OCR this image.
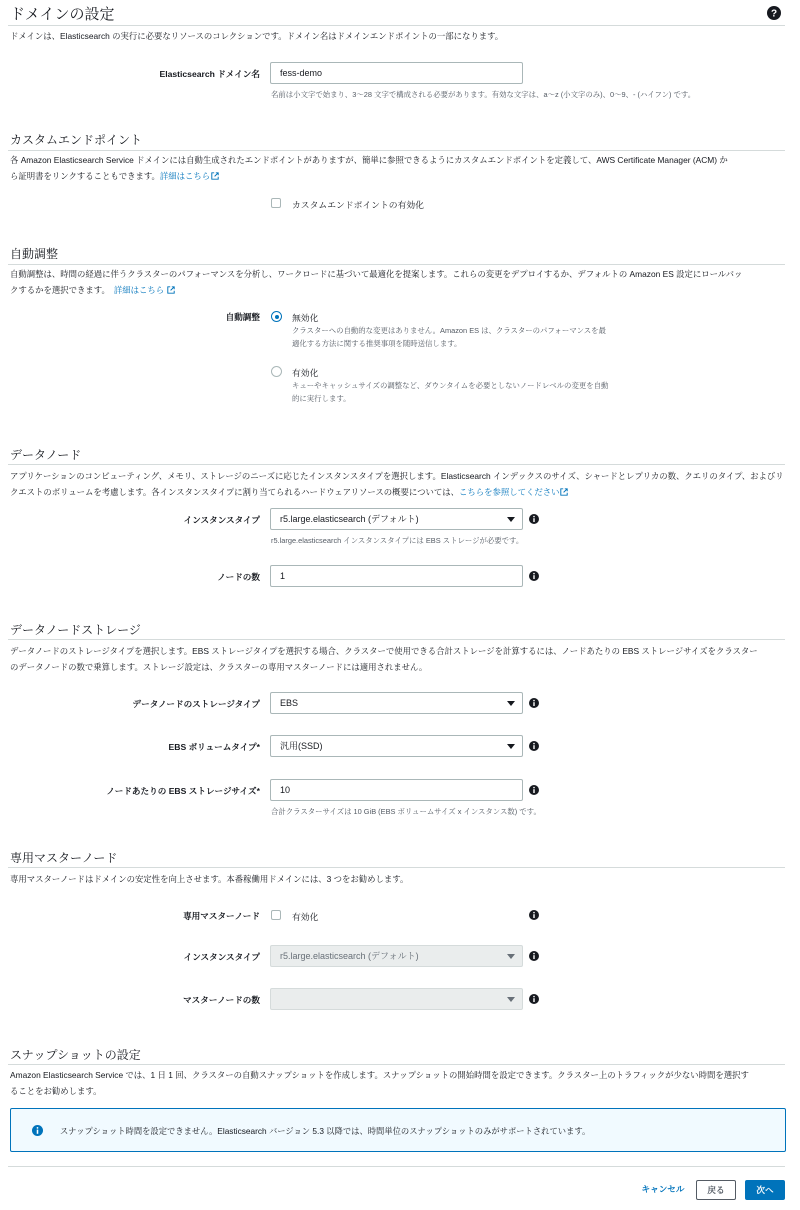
ドメインの設定	?
ドメインは、Elasticsearch の実行に必要なリソースのコレクションです。ドメイン名はドメインエンドポイントの一部になります。
Elasticsearch ドメイン名	fess-demo
名前は小文字で始まり、3～28 文字で構成される必要があります。有効な文字は、a～z (小文字のみ)、0～9、- (ハイフン) です。
カスタムエンドポイント
各 Amazon Elasticsearch Service ドメインには自動生成されたエンドポイントがありますが、簡単に参照できるようにカスタムエンドポイントを定義して、AWS Certificate Manager (ACM) か
ら証明書をリンクすることもできます。詳細はこちら
カスタムエンドポイントの有効化
自動調整
自動調整は、時間の経過に伴うクラスターのパフォーマンスを分析し、ワークロードに基づいて最適化を提案します。これらの変更をデプロイするか、デフォルトの Amazon ES 設定にロールバッ
クするかを選択できます。 詳細はこちら
自動調整	無効化
クラスターへの自動的な変更はありません。Amazon ES は、クラスターのパフォーマンスを最
適化する方法に関する推奨事項を随時送信します。
有効化
キューやキャッシュサイズの調整など、ダウンタイムを必要としないノードレベルの変更を自動
的に実行します。
データノード
アプリケーションのコンピューティング、メモリ、ストレージのニーズに応じたインスタンスタイプを選択します。Elasticsearch インデックスのサイズ、シャードとレプリカの数、クエリのタイプ、およびリ
クエストのボリュームを考慮します。各インスタンスタイプに割り当てられるハードウェアリソースの概要については、こちらを参照してください
インスタンスタイプ	r5.large.elasticsearch (デフォルト)
r5.large.elasticsearch インスタンスタイプには EBS ストレージが必要です。
ノードの数	1
データノードストレージ
データノードのストレージタイプを選択します。EBS ストレージタイプを選択する場合、クラスターで使用できる合計ストレージを計算するには、ノードあたりの EBS ストレージサイズをクラスター
のデータノードの数で乗算します。ストレージ設定は、クラスターの専用マスターノードには適用されません。
データノードのストレージタイプ	EBS
EBS ボリュームタイプ*	汎用(SSD)
ノードあたりの EBS ストレージサイズ*	10
合計クラスターサイズは 10 GiB (EBS ボリュームサイズ x インスタンス数) です。
専用マスターノード
専用マスターノードはドメインの安定性を向上させます。本番稼働用ドメインには、3 つをお勧めします。
専用マスターノード	有効化
インスタンスタイプ	r5.large.elasticsearch (デフォルト)
マスターノードの数
スナップショットの設定
Amazon Elasticsearch Service では、1 日 1 回、クラスターの自動スナップショットを作成します。スナップショットの開始時間を設定できます。クラスター上のトラフィックが少ない時間を選択す
ることをお勧めします。
スナップショット時間を設定できません。Elasticsearch バージョン 5.3 以降では、時間単位のスナップショットのみがサポートされています。
キャンセル	戻る	次へ
